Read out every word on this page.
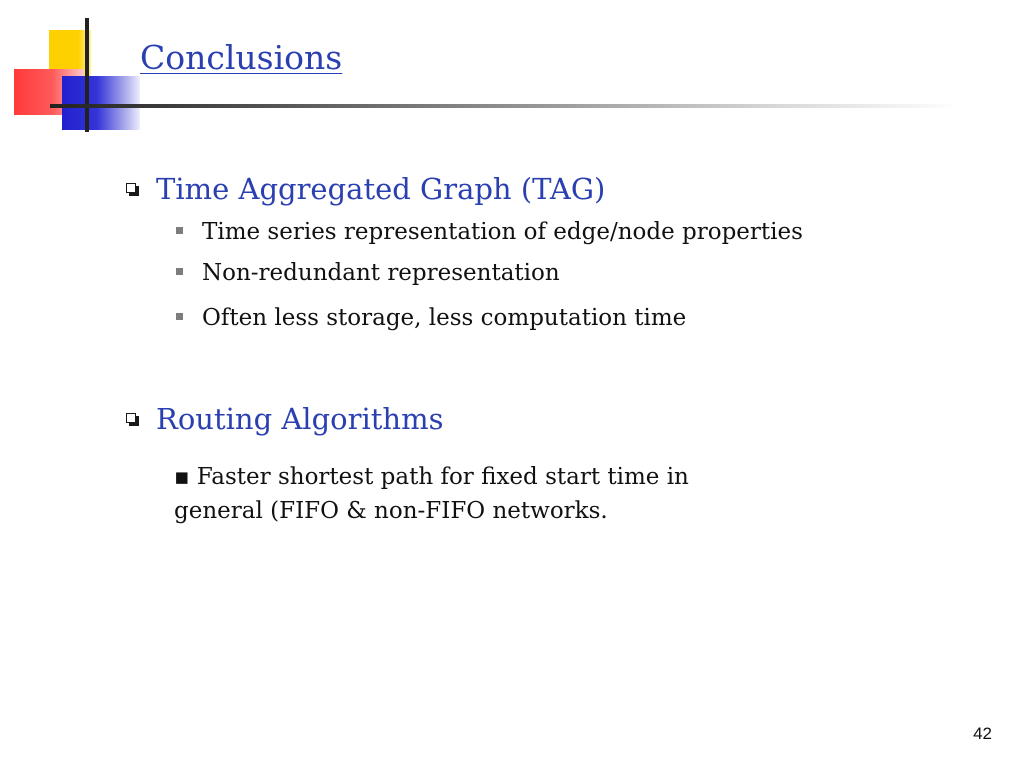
Conclusions
Time Aggregated Graph (TAG)
Time series representation of edge/node properties
Non-redundant representation
Often less storage, less computation time
Routing Algorithms
▪ Faster shortest path for fixed start time in general (FIFO & non-FIFO networks.
42
